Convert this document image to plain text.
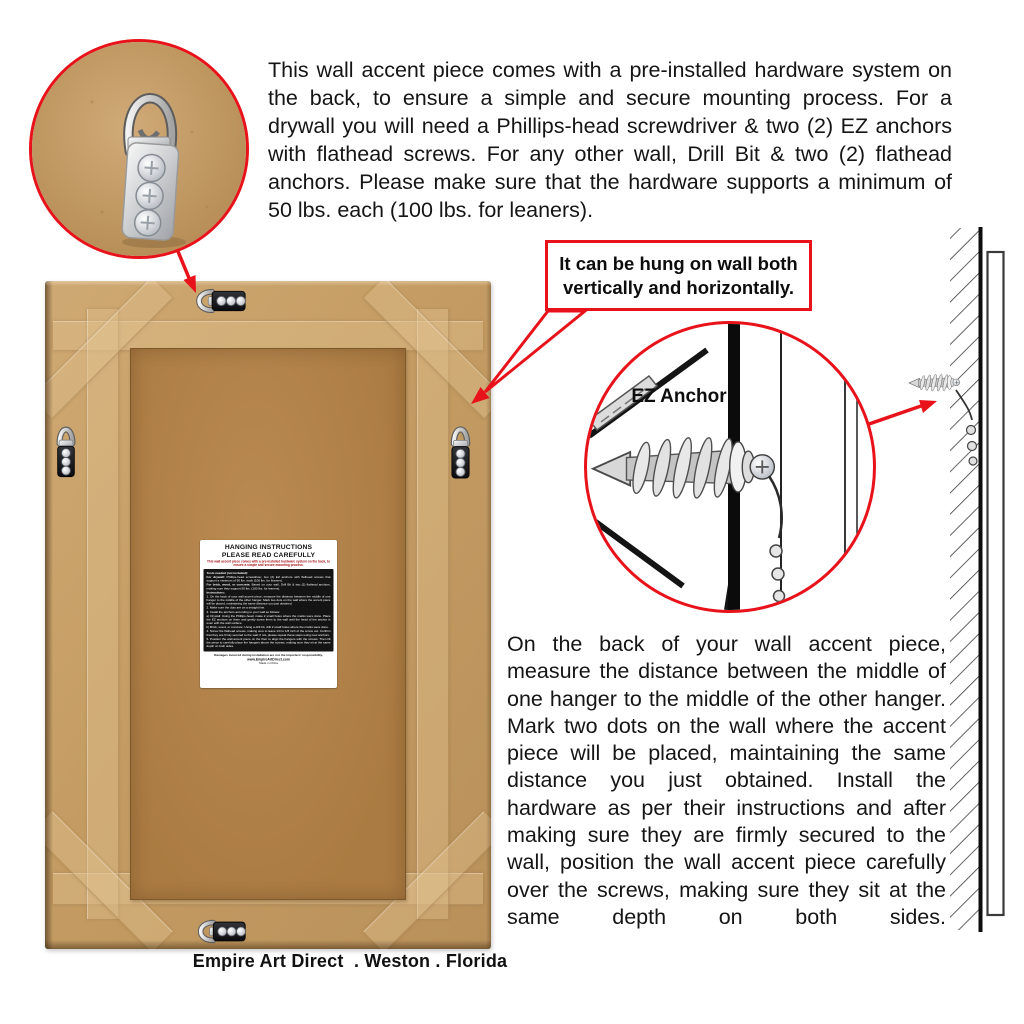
This wall accent piece comes with a pre-installed hardware system on the back, to ensure a simple and secure mounting process. For a drywall you will need a Phillips-head screwdriver & two (2) EZ anchors with flathead screws. For any other wall, Drill Bit & two (2) flathead anchors. Please make sure that the hardware supports a minimum of 50 lbs. each (100 lbs. for leaners).

It can be hung on wall both
vertically and horizontally.
HANGING INSTRUCTIONS
PLEASE READ CAREFULLY
This wall accent piece comes with a pre-installed hardware system on the back, to ensure a simple and secure mounting process.
Tools needed (not included):
For drywall: Phillips-head screwdriver, two (2) EZ anchors with flathead screws that support a minimum of 50 lbs. each (100 lbs. for leaners).
For brick, wood, or concrete: Based on your wall, Drill Bit & two (2) flathead anchors, making sure they support 50 lbs. (100 lbs. for leaners).
Instructions:
1. On the back of your wall accent piece, measure the distance between the middle of one hanger to the middle of the other hanger. Mark two dots on the wall where the accent piece will be placed, maintaining the same distance you just obtained.
2. Make sure the dots are on a straight line.
3. Install the anchors according to your wall as follows:
a) Drywall: Using the Phillips-head, make 2 small holes where the marks were done. Place the EZ anchors on them and gently screw them to the wall until the head of the anchor is even with the wall surface.
b) Brick, wood, or concrete: Using a drill bit, drill 2 small holes where the marks were done.
4. Screw the flathead screws, making sure to leave 1/4 to 1/8 inch of the screw out. Confirm that they are firmly secured to the wall; if not, please repeat these steps using new anchors.
5. Position the wall accent piece on the floor to align the hangers with the screws. Then lift the piece to carefully place the hangers above the screws, making sure they sit at the same depth on both sides.
Damages incurred during installation are not the importers' responsibility.
www.EmpireArtDirect.com
Made in China
EZ Anchor

On the back of your wall accent piece, measure the distance between the middle of one hanger to the middle of the other hanger. Mark two dots on the wall where the accent piece will be placed, maintaining the same distance you just obtained. Install the hardware as per their instructions and after making sure they are firmly secured to the wall, position the wall accent piece carefully over the screws, making sure they sit at the same depth on both sides.

Empire Art Direct  . Weston . Florida
